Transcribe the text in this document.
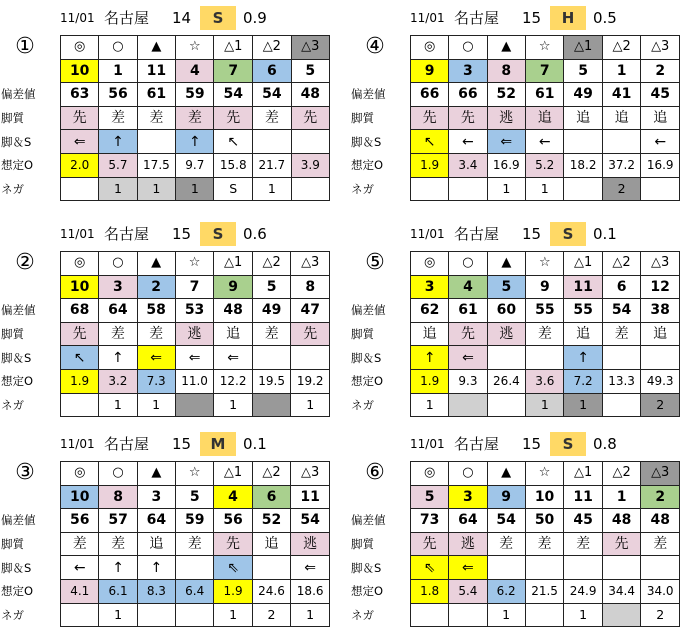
11/01 名古屋 14	S	0.9
①
		◎	○	▲	☆	△1	△2	△3
	10	1	11	4	7	6	5
偏差値	63	56	61	59	54	54	48
脚質	先	差	差	差	先	差	先
脚＆S	⇐	↑		↑	↖		
想定O	2.0	5.7	17.5	9.7	15.8	21.7	3.9
ネガ		1	1	1	S	1	
11/01 名古屋 15	H	0.5
④
		◎	○	▲	☆	△1	△2	△3
	9	3	8	7	5	1	2
偏差値	66	66	52	61	49	41	45
脚質	先	先	逃	追	追	追	追
脚＆S	↖	←	⇐	←			←
想定O	1.9	3.4	16.9	5.2	18.2	37.2	16.9
ネガ			1	1		2	
11/01 名古屋 15	S	0.6
②
		◎	○	▲	☆	△1	△2	△3
	10	3	2	7	9	5	8
偏差値	68	64	58	53	48	49	47
脚質	先	差	差	逃	追	差	先
脚＆S	↖	↑	⇐	⇐	⇐		
想定O	1.9	3.2	7.3	11.0	12.2	19.5	19.2
ネガ		1	1		1		1
11/01 名古屋 15	S	0.1
⑤
		◎	○	▲	☆	△1	△2	△3
	3	4	5	9	11	6	12
偏差値	62	61	60	55	55	54	38
脚質	追	先	逃	差	追	差	追
脚＆S	↑	⇐			↑		
想定O	1.9	9.3	26.4	3.6	7.2	13.3	49.3
ネガ	1			1	1		2
11/01 名古屋 15	M	0.1
③
		◎	○	▲	☆	△1	△2	△3
	10	8	3	5	4	6	11
偏差値	56	57	64	59	56	52	54
脚質	差	差	追	差	先	追	逃
脚＆S	←	↑	↑		⇖		⇐
想定O	4.1	6.1	8.3	6.4	1.9	24.6	18.6
ネガ		1			1	2	1
11/01 名古屋 15	S	0.8
⑥
		◎	○	▲	☆	△1	△2	△3
	5	3	9	10	11	1	2
偏差値	73	64	54	50	45	48	48
脚質	先	逃	差	差	差	先	差
脚＆S	⇖	⇐					
想定O	1.8	5.4	6.2	21.5	24.9	34.4	34.0
ネガ			1		1		2
